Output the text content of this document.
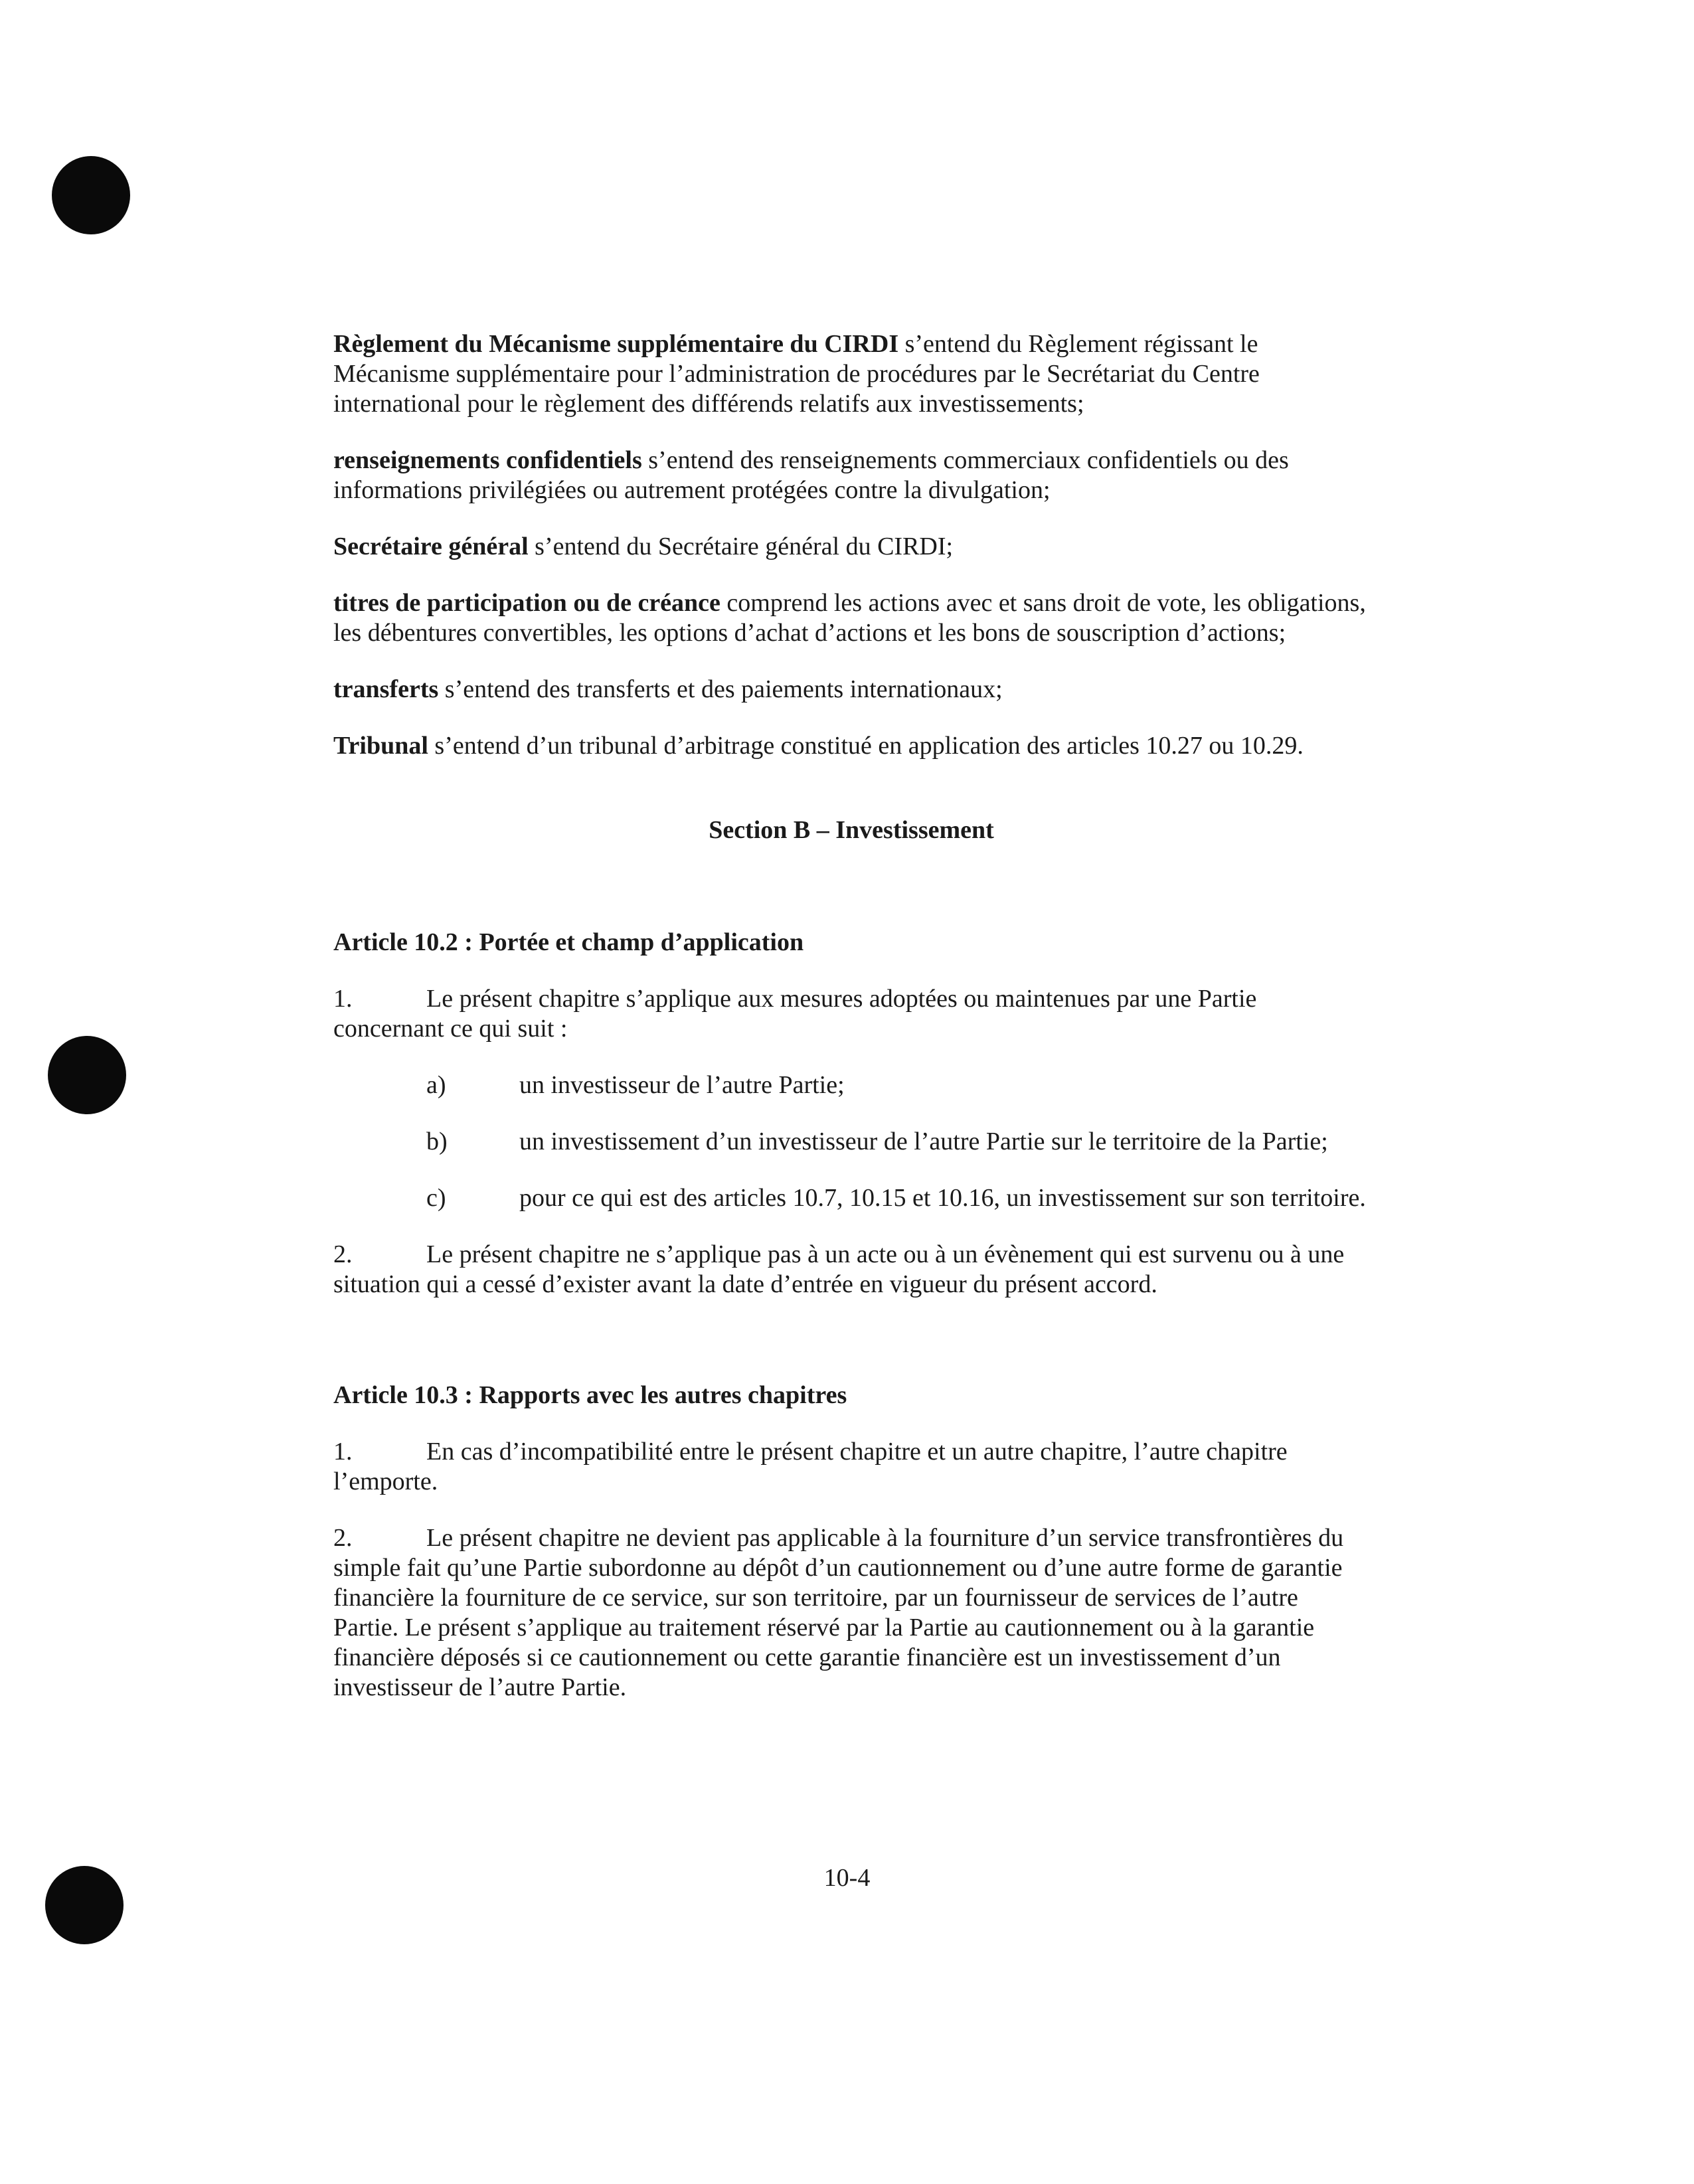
Règlement du Mécanisme supplémentaire du CIRDI s’entend du Règlement régissant le Mécanisme supplémentaire pour l’administration de procédures par le Secrétariat du Centre international pour le règlement des différends relatifs aux investissements;

renseignements confidentiels s’entend des renseignements commerciaux confidentiels ou des informations privilégiées ou autrement protégées contre la divulgation;

Secrétaire général s’entend du Secrétaire général du CIRDI;

titres de participation ou de créance comprend les actions avec et sans droit de vote, les obligations, les débentures convertibles, les options d’achat d’actions et les bons de souscription d’actions;

transferts s’entend des transferts et des paiements internationaux;

Tribunal s’entend d’un tribunal d’arbitrage constitué en application des articles 10.27 ou 10.29.

Section B – Investissement

Article 10.2 : Portée et champ d’application

1.	Le présent chapitre s’applique aux mesures adoptées ou maintenues par une Partie concernant ce qui suit :

a)	un investisseur de l’autre Partie;
b)	un investissement d’un investisseur de l’autre Partie sur le territoire de la Partie;
c)	pour ce qui est des articles 10.7, 10.15 et 10.16, un investissement sur son territoire.

2.	Le présent chapitre ne s’applique pas à un acte ou à un évènement qui est survenu ou à une situation qui a cessé d’exister avant la date d’entrée en vigueur du présent accord.

Article 10.3 : Rapports avec les autres chapitres

1.	En cas d’incompatibilité entre le présent chapitre et un autre chapitre, l’autre chapitre l’emporte.

2.	Le présent chapitre ne devient pas applicable à la fourniture d’un service transfrontières du simple fait qu’une Partie subordonne au dépôt d’un cautionnement ou d’une autre forme de garantie financière la fourniture de ce service, sur son territoire, par un fournisseur de services de l’autre Partie. Le présent s’applique au traitement réservé par la Partie au cautionnement ou à la garantie financière déposés si ce cautionnement ou cette garantie financière est un investissement d’un investisseur de l’autre Partie.

10-4
